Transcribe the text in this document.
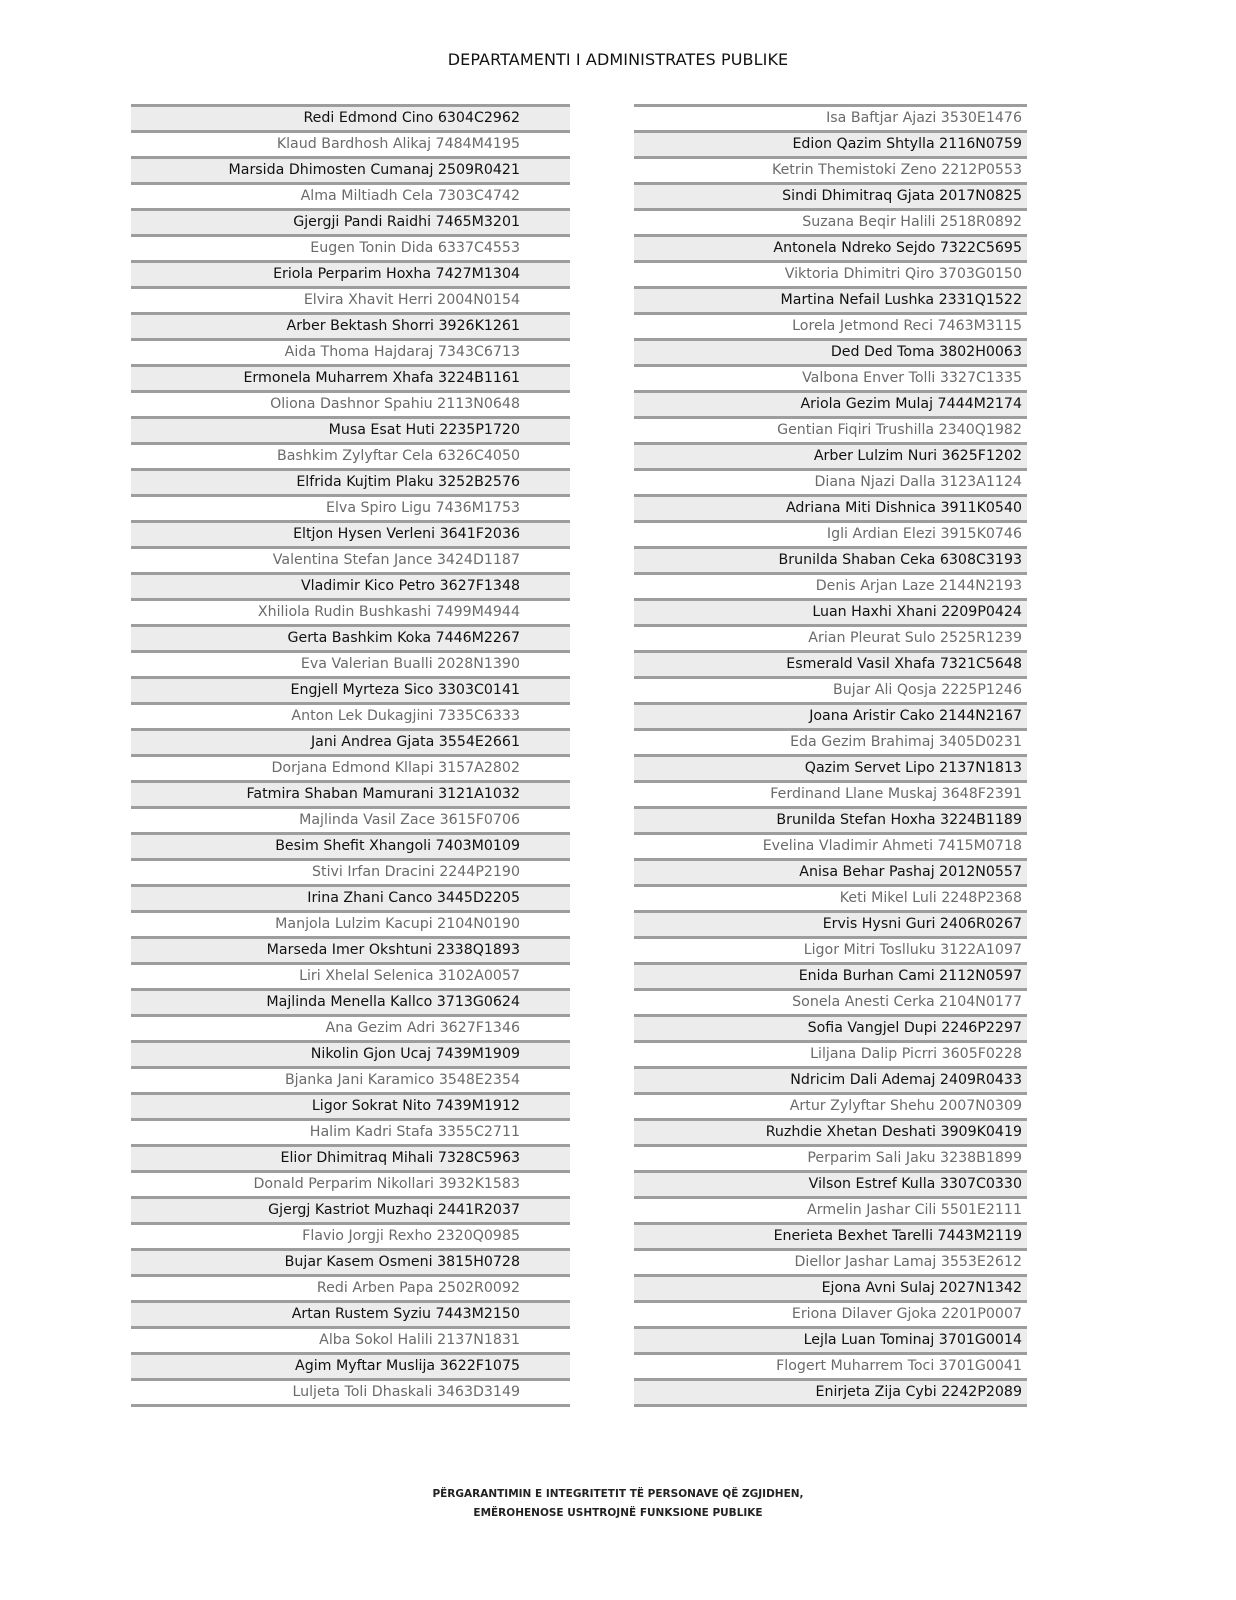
DEPARTAMENTI I ADMINISTRATES PUBLIKE
Redi Edmond Cino 6304C2962
Klaud Bardhosh Alikaj 7484M4195
Marsida Dhimosten Cumanaj 2509R0421
Alma Miltiadh Cela 7303C4742
Gjergji Pandi Raidhi 7465M3201
Eugen Tonin Dida 6337C4553
Eriola Perparim Hoxha 7427M1304
Elvira Xhavit Herri 2004N0154
Arber Bektash Shorri 3926K1261
Aida Thoma Hajdaraj 7343C6713
Ermonela Muharrem Xhafa 3224B1161
Oliona Dashnor Spahiu 2113N0648
Musa Esat Huti 2235P1720
Bashkim Zylyftar Cela 6326C4050
Elfrida Kujtim Plaku 3252B2576
Elva Spiro Ligu 7436M1753
Eltjon Hysen Verleni 3641F2036
Valentina Stefan Jance 3424D1187
Vladimir Kico Petro 3627F1348
Xhiliola Rudin Bushkashi 7499M4944
Gerta Bashkim Koka 7446M2267
Eva Valerian Bualli 2028N1390
Engjell Myrteza Sico 3303C0141
Anton Lek Dukagjini 7335C6333
Jani Andrea Gjata 3554E2661
Dorjana Edmond Kllapi 3157A2802
Fatmira Shaban Mamurani 3121A1032
Majlinda Vasil Zace 3615F0706
Besim Shefit Xhangoli 7403M0109
Stivi Irfan Dracini 2244P2190
Irina Zhani Canco 3445D2205
Manjola Lulzim Kacupi 2104N0190
Marseda Imer Okshtuni 2338Q1893
Liri Xhelal Selenica 3102A0057
Majlinda Menella Kallco 3713G0624
Ana Gezim Adri 3627F1346
Nikolin Gjon Ucaj 7439M1909
Bjanka Jani Karamico 3548E2354
Ligor Sokrat Nito 7439M1912
Halim Kadri Stafa 3355C2711
Elior Dhimitraq Mihali 7328C5963
Donald Perparim Nikollari 3932K1583
Gjergj Kastriot Muzhaqi 2441R2037
Flavio Jorgji Rexho 2320Q0985
Bujar Kasem Osmeni 3815H0728
Redi Arben Papa 2502R0092
Artan Rustem Syziu 7443M2150
Alba Sokol Halili 2137N1831
Agim Myftar Muslija 3622F1075
Luljeta Toli Dhaskali 3463D3149
Isa Baftjar Ajazi 3530E1476
Edion Qazim Shtylla 2116N0759
Ketrin Themistoki Zeno 2212P0553
Sindi Dhimitraq Gjata 2017N0825
Suzana Beqir Halili 2518R0892
Antonela Ndreko Sejdo 7322C5695
Viktoria Dhimitri Qiro 3703G0150
Martina Nefail Lushka 2331Q1522
Lorela Jetmond Reci 7463M3115
Ded Ded Toma 3802H0063
Valbona Enver Tolli 3327C1335
Ariola Gezim Mulaj 7444M2174
Gentian Fiqiri Trushilla 2340Q1982
Arber Lulzim Nuri 3625F1202
Diana Njazi Dalla 3123A1124
Adriana Miti Dishnica 3911K0540
Igli Ardian Elezi 3915K0746
Brunilda Shaban Ceka 6308C3193
Denis Arjan Laze 2144N2193
Luan Haxhi Xhani 2209P0424
Arian Pleurat Sulo 2525R1239
Esmerald Vasil Xhafa 7321C5648
Bujar Ali Qosja 2225P1246
Joana Aristir Cako 2144N2167
Eda Gezim Brahimaj 3405D0231
Qazim Servet Lipo 2137N1813
Ferdinand Llane Muskaj 3648F2391
Brunilda Stefan Hoxha 3224B1189
Evelina Vladimir Ahmeti 7415M0718
Anisa Behar Pashaj 2012N0557
Keti Mikel Luli 2248P2368
Ervis Hysni Guri 2406R0267
Ligor Mitri Toslluku 3122A1097
Enida Burhan Cami 2112N0597
Sonela Anesti Cerka 2104N0177
Sofia Vangjel Dupi 2246P2297
Liljana Dalip Picrri 3605F0228
Ndricim Dali Ademaj 2409R0433
Artur Zylyftar Shehu 2007N0309
Ruzhdie Xhetan Deshati 3909K0419
Perparim Sali Jaku 3238B1899
Vilson Estref Kulla 3307C0330
Armelin Jashar Cili 5501E2111
Enerieta Bexhet Tarelli 7443M2119
Diellor Jashar Lamaj 3553E2612
Ejona Avni Sulaj 2027N1342
Eriona Dilaver Gjoka 2201P0007
Lejla Luan Tominaj 3701G0014
Flogert Muharrem Toci 3701G0041
Enirjeta Zija Cybi 2242P2089
PËRGARANTIMIN E INTEGRITETIT TË PERSONAVE QË ZGJIDHEN,
EMËROHENOSE USHTROJNË FUNKSIONE PUBLIKE
